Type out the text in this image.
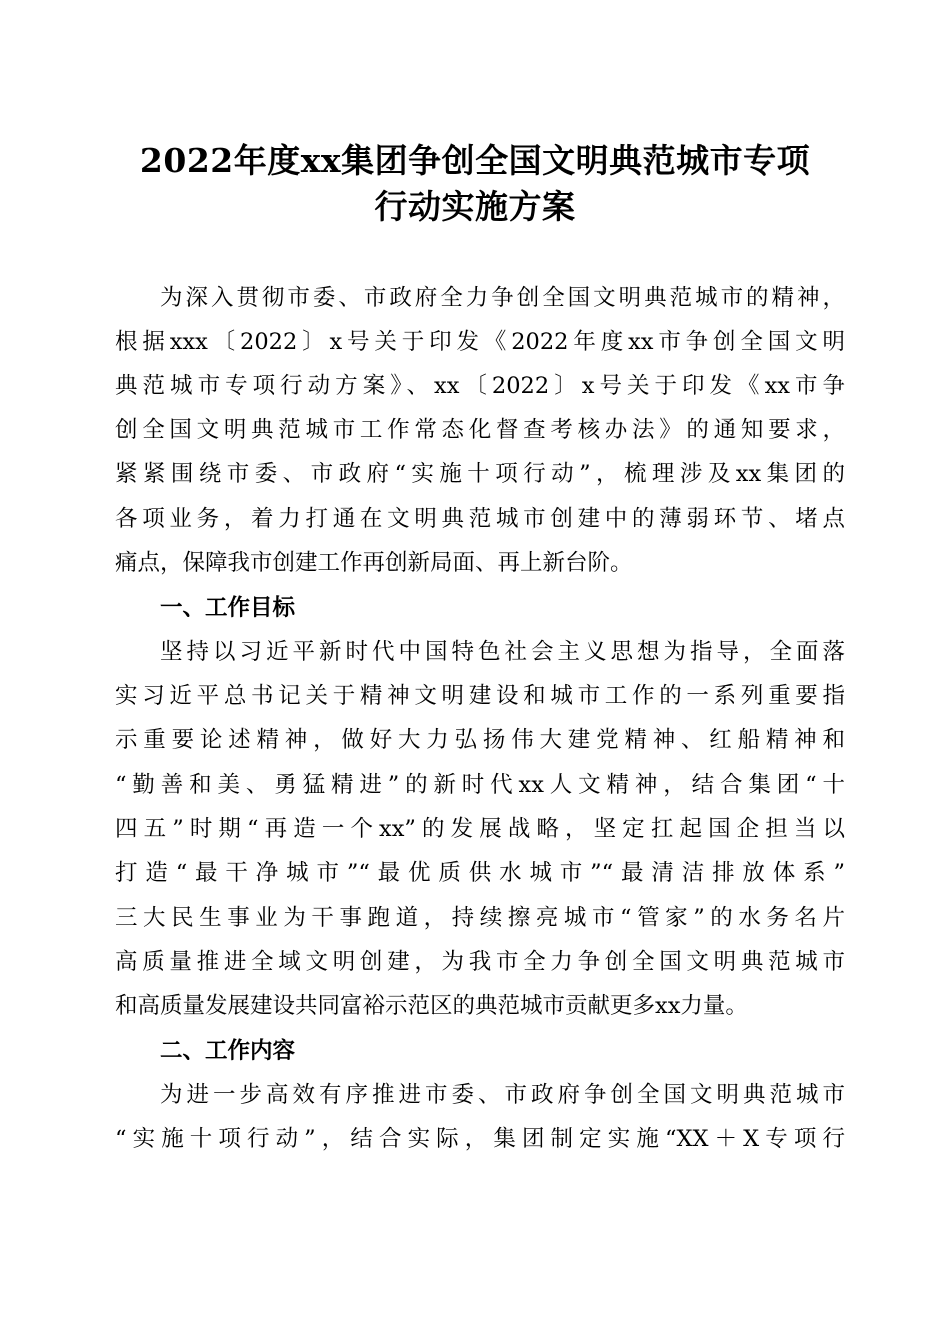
2022年度xx集团争创全国文明典范城市专项
行动实施方案
为深入贯彻市委、市政府全力争创全国文明典范城市的精神，
根据xxx〔2022〕x号关于印发《2022年度xx市争创全国文明
典范城市专项行动方案》、xx〔2022〕x号关于印发《xx市争
创全国文明典范城市工作常态化督查考核办法》的通知要求，
紧紧围绕市委、市政府“实施十项行动”，梳理涉及xx集团的
各项业务，着力打通在文明典范城市创建中的薄弱环节、堵点
痛点，保障我市创建工作再创新局面、再上新台阶。
一、工作目标
坚持以习近平新时代中国特色社会主义思想为指导，全面落
实习近平总书记关于精神文明建设和城市工作的一系列重要指
示重要论述精神，做好大力弘扬伟大建党精神、红船精神和
“勤善和美、勇猛精进”的新时代xx人文精神，结合集团“十
四五”时期“再造一个xx”的发展战略，坚定扛起国企担当以
打造“最干净城市”“最优质供水城市”“最清洁排放体系”
三大民生事业为干事跑道，持续擦亮城市“管家”的水务名片
高质量推进全域文明创建，为我市全力争创全国文明典范城市
和高质量发展建设共同富裕示范区的典范城市贡献更多xx力量。
二、工作内容
为进一步高效有序推进市委、市政府争创全国文明典范城市
“实施十项行动”，结合实际，集团制定实施“XX＋X专项行
